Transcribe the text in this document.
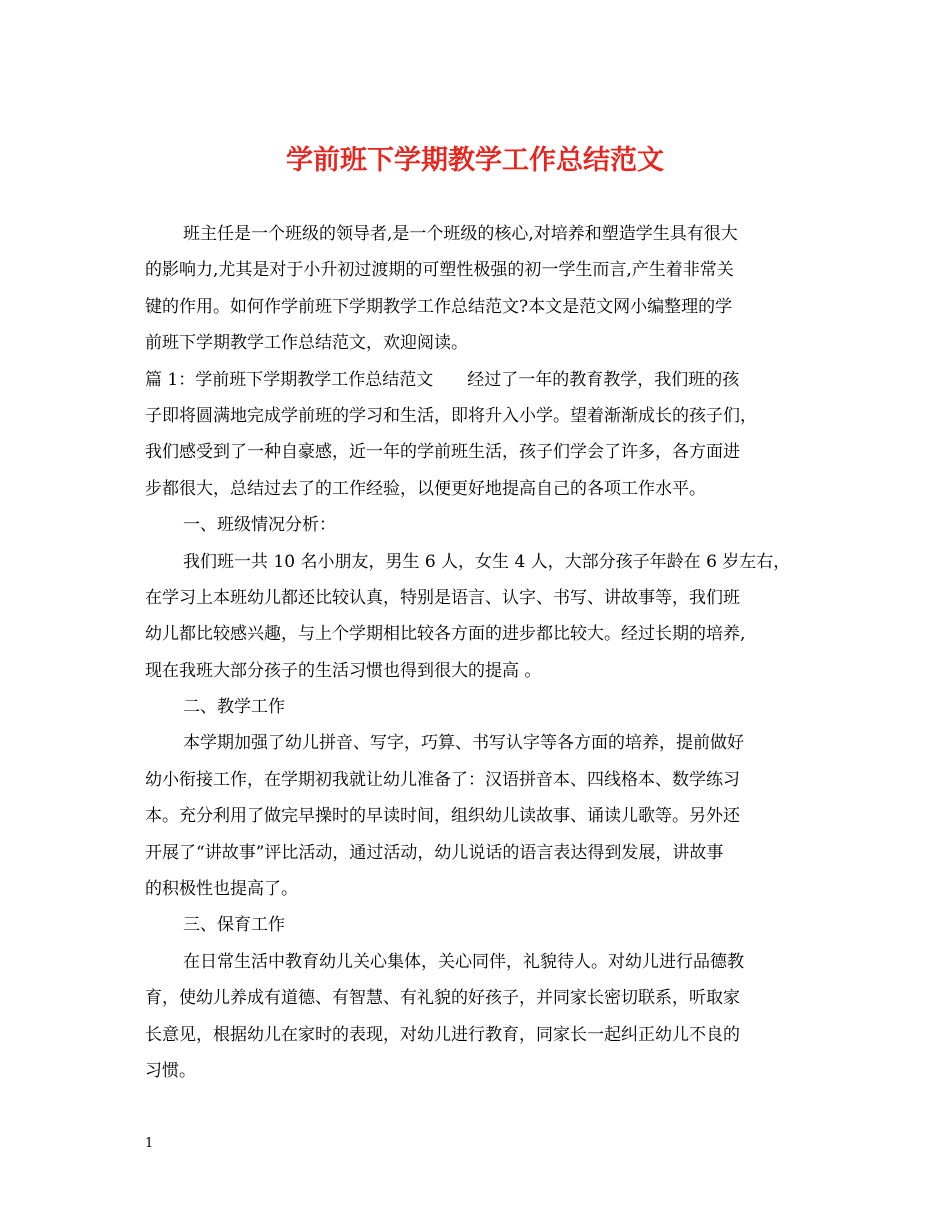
学前班下学期教学工作总结范文
班主任是一个班级的领导者,是一个班级的核心,对培养和塑造学生具有很大
的影响力,尤其是对于小升初过渡期的可塑性极强的初一学生而言,产生着非常关
键的作用。如何作学前班下学期教学工作总结范文?本文是范文网小编整理的学
前班下学期教学工作总结范文，欢迎阅读。
篇 1：学前班下学期教学工作总结范文　　经过了一年的教育教学，我们班的孩
子即将圆满地完成学前班的学习和生活，即将升入小学。望着渐渐成长的孩子们，
我们感受到了一种自豪感，近一年的学前班生活，孩子们学会了许多，各方面进
步都很大，总结过去了的工作经验，以便更好地提高自己的各项工作水平。
一、班级情况分析：
我们班一共 10 名小朋友，男生 6 人，女生 4 人，大部分孩子年龄在 6 岁左右，
在学习上本班幼儿都还比较认真，特别是语言、认字、书写、讲故事等，我们班
幼儿都比较感兴趣，与上个学期相比较各方面的进步都比较大。经过长期的培养,
现在我班大部分孩子的生活习惯也得到很大的提高 。
二、教学工作
本学期加强了幼儿拼音、写字，巧算、书写认字等各方面的培养，提前做好
幼小衔接工作，在学期初我就让幼儿准备了：汉语拼音本、四线格本、数学练习
本。充分利用了做完早操时的早读时间，组织幼儿读故事、诵读儿歌等。另外还
开展了“讲故事”评比活动，通过活动，幼儿说话的语言表达得到发展，讲故事
的积极性也提高了。
三、保育工作
在日常生活中教育幼儿关心集体，关心同伴，礼貌待人。对幼儿进行品德教
育，使幼儿养成有道德、有智慧、有礼貌的好孩子，并同家长密切联系，听取家
长意见，根据幼儿在家时的表现，对幼儿进行教育，同家长一起纠正幼儿不良的
习惯。
1
